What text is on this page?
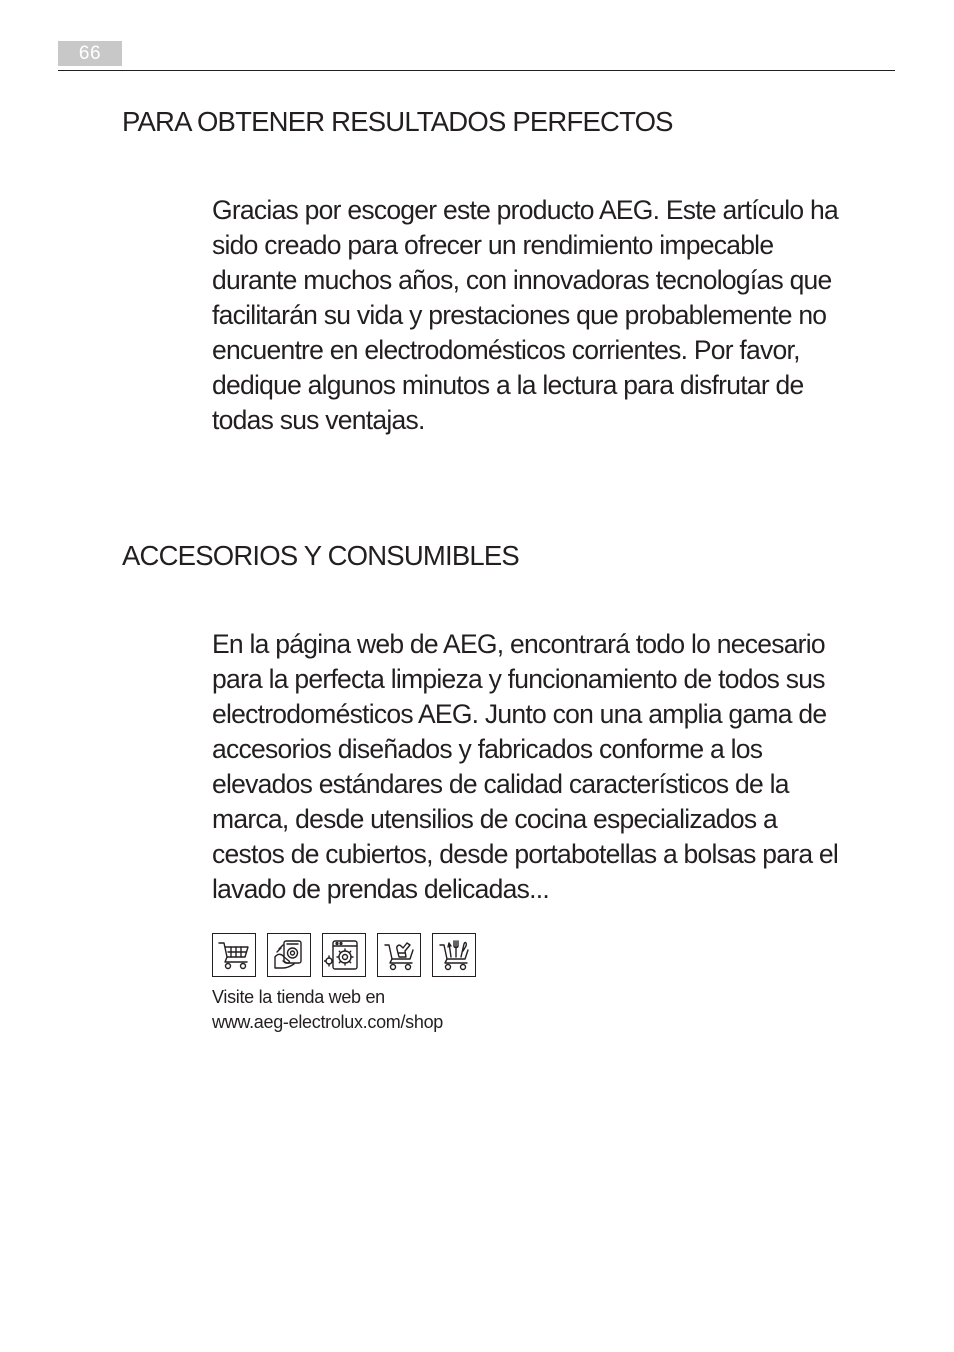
66
PARA OBTENER RESULTADOS PERFECTOS

Gracias por escoger este producto AEG. Este artículo ha
sido creado para ofrecer un rendimiento impecable
durante muchos años, con innovadoras tecnologías que
facilitarán su vida y prestaciones que probablemente no
encuentre en electrodomésticos corrientes. Por favor,
dedique algunos minutos a la lectura para disfrutar de
todas sus ventajas.

ACCESORIOS Y CONSUMIBLES

En la página web de AEG, encontrará todo lo necesario
para la perfecta limpieza y funcionamiento de todos sus
electrodomésticos AEG. Junto con una amplia gama de
accesorios diseñados y fabricados conforme a los
elevados estándares de calidad característicos de la
marca, desde utensilios de cocina especializados a
cestos de cubiertos, desde portabotellas a bolsas para el
lavado de prendas delicadas...

Visite la tienda web en
www.aeg-electrolux.com/shop
